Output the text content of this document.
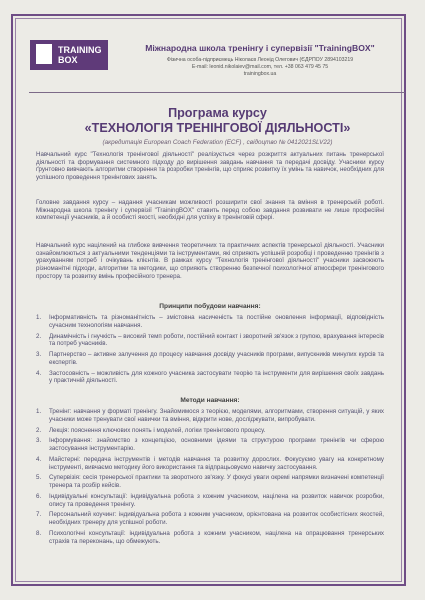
TRAINING
BOX
Міжнародна школа тренінгу і супервізії "TrainingBOX"
Фізична особа-підприємець Ніколаєв Леонід Олегович (ЄДРПОУ 2894103219
E-mail: leonid.nikolaiev@mail.com, тел. +38 063 479 45 75
trainingbox.ua
Програма курсу
«ТЕХНОЛОГІЯ ТРЕНІНГОВОЇ ДІЯЛЬНОСТІ»
(акредитація European Coach Federation (ECF) , свідоцтво № 0412021SLV22)
Навчальний курс "Технологія тренінгової діяльності" реалізується через розкриття актуальних питань тренерської діяльності та формування системного підходу до вирішення завдань навчання та передачі досвіду. Учасники курсу ґрунтовно вивчають алгоритми створення та розробки тренінгів, що сприяє розвитку їх умінь та навичок, необхідних для успішного проведення тренінгових занять.
Головне завдання курсу – надання учасникам можливості розширити свої знання та вміння в тренерській роботі. Міжнародна школа тренінгу і супервізії "TrainingBOX" ставить перед собою завдання розвивати не лише професійні компетенції учасників, а й особисті якості, необхідні для успіху в тренінговій сфері.
Навчальний курс націлений на глибоке вивчення теоретичних та практичних аспектів тренерської діяльності. Учасники ознайомлюються з актуальними тенденціями та інструментами, які сприяють успішній розробці і проведенню тренінгів з урахуванням потреб і очікувань клієнтів. В рамках курсу "Технологія тренінгової діяльності" учасники засвоюють різноманітні підходи, алгоритми та методики, що сприяють створенню безпечної психологічної атмосфери тренінгового простору та розвитку вмінь професійного тренера.
Принципи побудови навчання:
1.	Інформативність та різноманітність – змістовна насиченість та постійне оновлення інформації, відповідність сучасним технологіям навчання.
2.	Динамічність і гнучкість – високий темп роботи, постійний контакт і зворотний зв'язок з групою, врахування інтересів та потреб учасників.
3.	Партнерство – активне залучення до процесу навчання досвіду учасників програми, випускників минулих курсів та експертів.
4.	Застосовність – можливість для кожного учасника застосувати теорію та інструменти для вирішення своїх завдань у практичній діяльності.
Методи навчання:
1.	Тренінг: навчання у форматі тренінгу. Знайомимося з теорією, моделями, алгоритмами, створення ситуацій, у яких учасники може тренувати свої навички та вміння, відкрити нове, досліджувати, випробувати.
2.	Лекція: пояснення ключових понять і моделей, логіки тренінгового процесу.
3.	Інформування: знайомство з концепцією, основними ідеями та структурою програми тренінгів чи сферою застосування інструментарію.
4.	Майстерні: передача інструментів і методів навчання та розвитку дорослих. Фокусуємо увагу на конкретному інструменті, вивчаємо методику його використання та відпрацьовуємо навичку застосування.
5.	Супервізія: сесія тренерської практики та зворотного зв'язку. У фокусі уваги окремі напрямки визначені компетенції тренера та розбір кейсів.
6.	Індивідуальні консультації: індивідуальна робота з кожним учасником, націлена на розвиток навичок розробки, опису та проведення тренінгу.
7.	Персональний коучинг: індивідуальна робота з кожним учасником, орієнтована на розвиток особистісних якостей, необхідних тренеру для успішної роботи.
8.	Психологічні консультації: індивідуальна робота з кожним учасником, націлена на опрацювання тренерських страхів та переконань, що обмежують.
